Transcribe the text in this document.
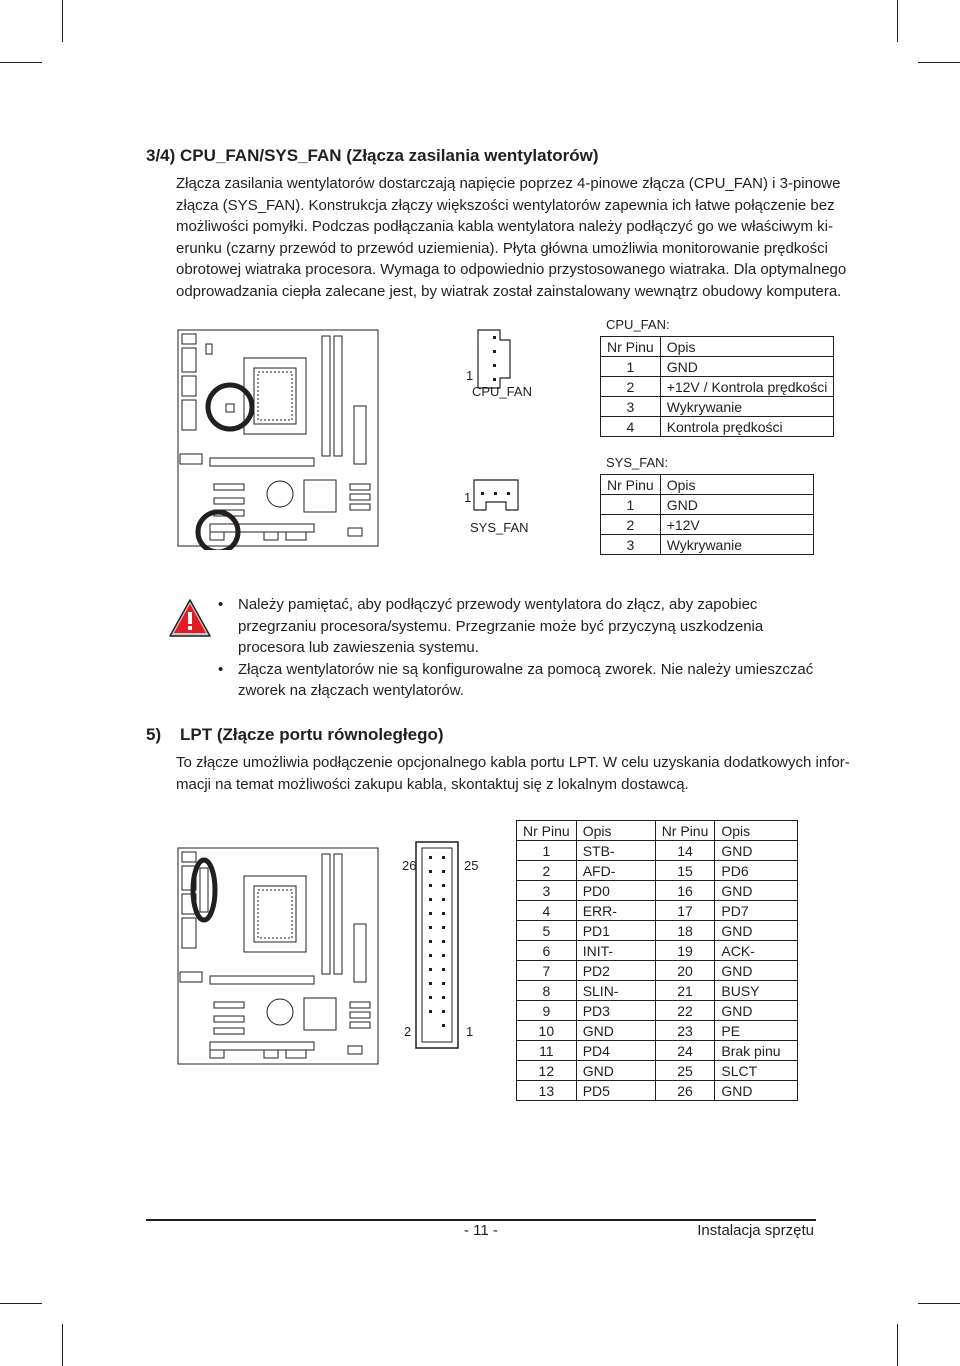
3/4) CPU_FAN/SYS_FAN (Złącza zasilania wentylatorów)
Złącza zasilania wentylatorów dostarczają napięcie poprzez 4-pinowe złącza (CPU_FAN) i 3-pinowe
złącza (SYS_FAN). Konstrukcja złączy większości wentylatorów zapewnia ich łatwe połączenie bez
możliwości pomyłki. Podczas podłączania kabla wentylatora należy podłączyć go we właściwym ki-
erunku (czarny przewód to przewód uziemienia). Płyta główna umożliwia monitorowanie prędkości
obrotowej wiatraka procesora. Wymaga to odpowiednio przystosowanego wiatraka. Dla optymalnego
odprowadzania ciepła zalecane jest, by wiatrak został zainstalowany wewnątrz obudowy komputera.
1
CPU_FAN
1
SYS_FAN
CPU_FAN:
Nr Pinu	Opis
1	GND
2	+12V / Kontrola prędkości
3	Wykrywanie
4	Kontrola prędkości
SYS_FAN:
Nr Pinu	Opis
1	GND
2	+12V
3	Wykrywanie
• Należy pamiętać, aby podłączyć przewody wentylatora do złącz, aby zapobiec przegrzaniu procesora/systemu. Przegrzanie może być przyczyną uszkodzenia procesora lub zawieszenia systemu.
• Złącza wentylatorów nie są konfigurowalne za pomocą zworek. Nie należy umieszczać zworek na złączach wentylatorów.
5)    LPT (Złącze portu równoległego)
To złącze umożliwia podłączenie opcjonalnego kabla portu LPT. W celu uzyskania dodatkowych infor-
macji na temat możliwości zakupu kabla, skontaktuj się z lokalnym dostawcą.
26	25
2	1
Nr Pinu	Opis	Nr Pinu	Opis
1	STB-	14	GND
2	AFD-	15	PD6
3	PD0	16	GND
4	ERR-	17	PD7
5	PD1	18	GND
6	INIT-	19	ACK-
7	PD2	20	GND
8	SLIN-	21	BUSY
9	PD3	22	GND
10	GND	23	PE
11	PD4	24	Brak pinu
12	GND	25	SLCT
13	PD5	26	GND
- 11 -	Instalacja sprzętu
